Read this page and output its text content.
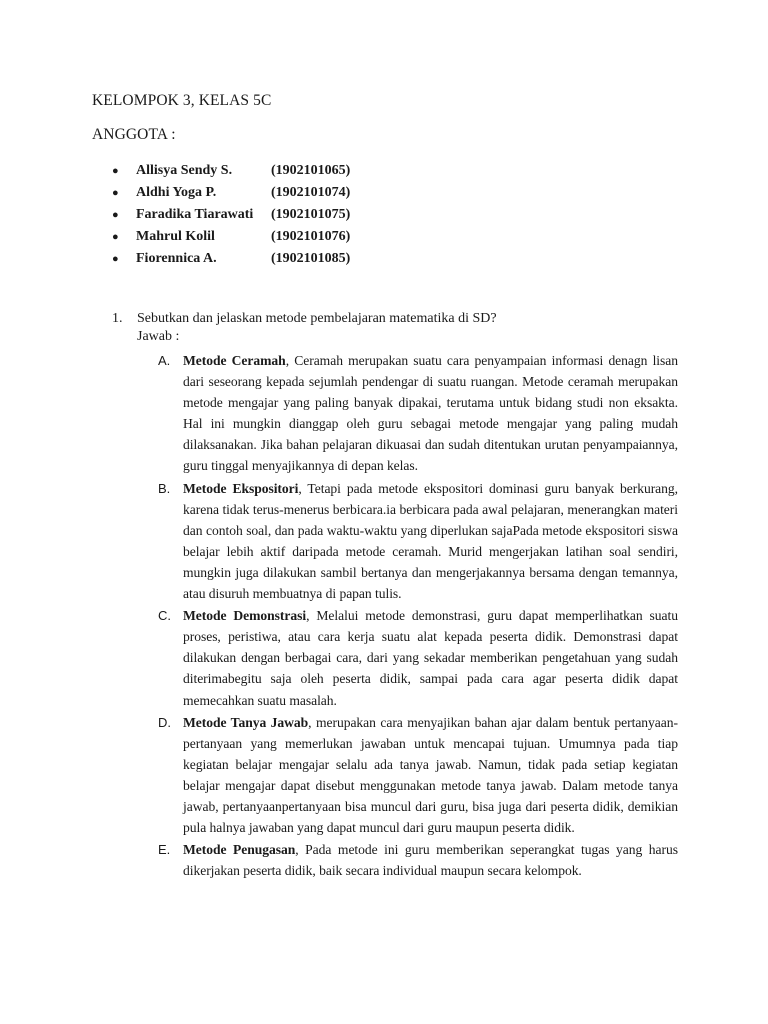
KELOMPOK 3, KELAS 5C
ANGGOTA :
●	Allisya Sendy S.	(1902101065)
●	Aldhi Yoga P.	(1902101074)
●	Faradika Tiarawati	(1902101075)
●	Mahrul Kolil	(1902101076)
●	Fiorennica A.	(1902101085)
1.	Sebutkan dan jelaskan metode pembelajaran matematika di SD?
Jawab :
A. Metode Ceramah, Ceramah merupakan suatu cara penyampaian informasi denagn lisan dari seseorang kepada sejumlah pendengar di suatu ruangan. Metode ceramah merupakan metode mengajar yang paling banyak dipakai, terutama untuk bidang studi non eksakta. Hal ini mungkin dianggap oleh guru sebagai metode mengajar yang paling mudah dilaksanakan. Jika bahan pelajaran dikuasai dan sudah ditentukan urutan penyampaiannya, guru tinggal menyajikannya di depan kelas.
B. Metode Ekspositori, Tetapi pada metode ekspositori dominasi guru banyak berkurang, karena tidak terus-menerus berbicara.ia berbicara pada awal pelajaran, menerangkan materi dan contoh soal, dan pada waktu-waktu yang diperlukan sajaPada metode ekspositori siswa belajar lebih aktif daripada metode ceramah. Murid mengerjakan latihan soal sendiri, mungkin juga dilakukan sambil bertanya dan mengerjakannya bersama dengan temannya, atau disuruh membuatnya di papan tulis.
C. Metode Demonstrasi, Melalui metode demonstrasi, guru dapat memperlihatkan suatu proses, peristiwa, atau cara kerja suatu alat kepada peserta didik. Demonstrasi dapat dilakukan dengan berbagai cara, dari yang sekadar memberikan pengetahuan yang sudah diterimabegitu saja oleh peserta didik, sampai pada cara agar peserta didik dapat memecahkan suatu masalah.
D. Metode Tanya Jawab, merupakan cara menyajikan bahan ajar dalam bentuk pertanyaan-pertanyaan yang memerlukan jawaban untuk mencapai tujuan. Umumnya pada tiap kegiatan belajar mengajar selalu ada tanya jawab. Namun, tidak pada setiap kegiatan belajar mengajar dapat disebut menggunakan metode tanya jawab. Dalam metode tanya jawab, pertanyaanpertanyaan bisa muncul dari guru, bisa juga dari peserta didik, demikian pula halnya jawaban yang dapat muncul dari guru maupun peserta didik.
E. Metode Penugasan, Pada metode ini guru memberikan seperangkat tugas yang harus dikerjakan peserta didik, baik secara individual maupun secara kelompok.
